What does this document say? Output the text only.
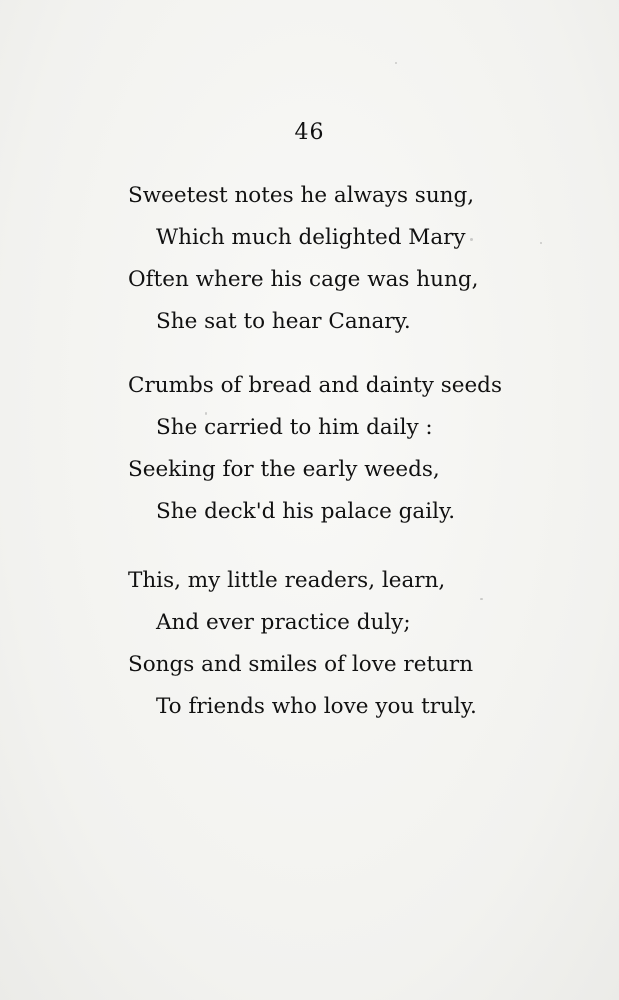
46
Sweetest notes he always sung,
Which much delighted Mary
Often where his cage was hung,
She sat to hear Canary.
Crumbs of bread and dainty seeds
She carried to him daily :
Seeking for the early weeds,
She deck'd his palace gaily.
This, my little readers, learn,
And ever practice duly;
Songs and smiles of love return
To friends who love you truly.
